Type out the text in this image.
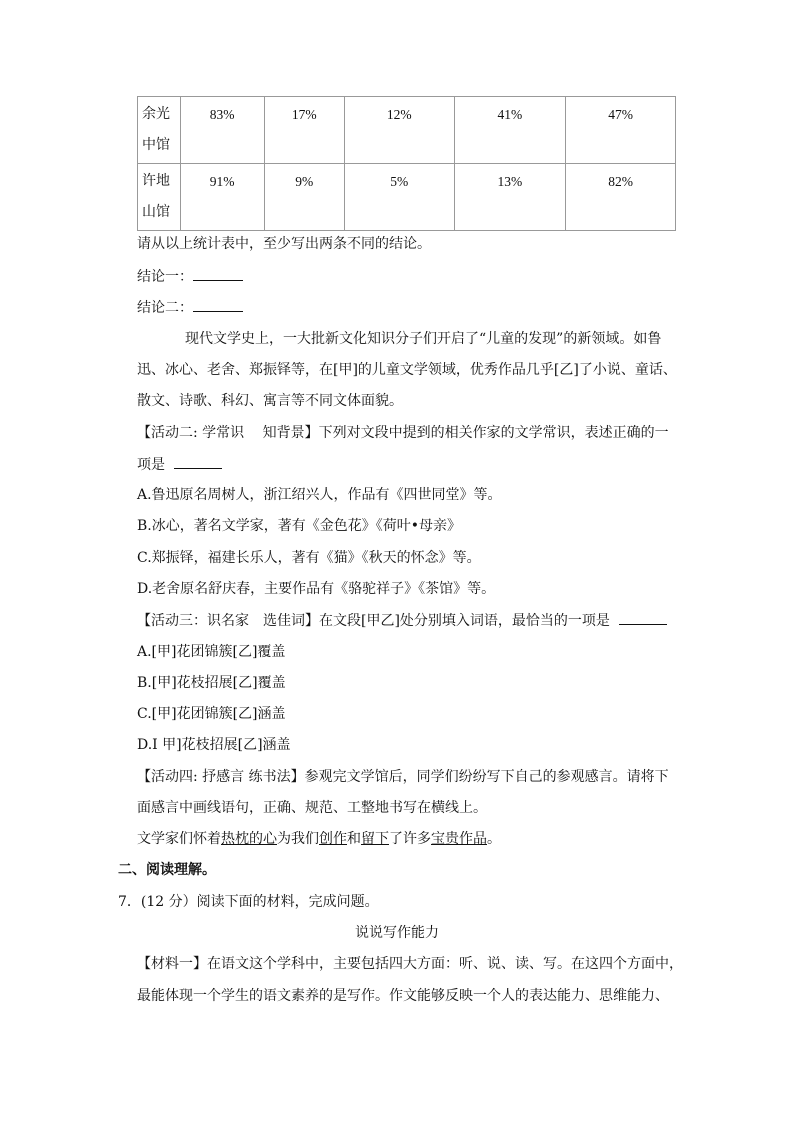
余光
中馆	83%	17%	12%	41%	47%
许地
山馆	91%	9%	5%	13%	82%
请从以上统计表中，至少写出两条不同的结论。
结论一：
结论二：
现代文学史上，一大批新文化知识分子们开启了“儿童的发现”的新领域。如鲁
迅、冰心、老舍、郑振铎等，在[甲]的儿童文学领域，优秀作品几乎[乙]了小说、童话、
散文、诗歌、科幻、寓言等不同文体面貌。
【活动二: 学常识　 知背景】下列对文段中提到的相关作家的文学常识，表述正确的一
项是
A.鲁迅原名周树人，浙江绍兴人，作品有《四世同堂》等。
B.冰心，著名文学家，著有《金色花》《荷叶•母亲》
C.郑振铎，福建长乐人，著有《猫》《秋天的怀念》等。
D.老舍原名舒庆春，主要作品有《骆驼祥子》《茶馆》等。
【活动三：识名家　选佳词】在文段[甲乙]处分别填入词语，最恰当的一项是
A.[甲]花团锦簇[乙]覆盖
B.[甲]花枝招展[乙]覆盖
C.[甲]花团锦簇[乙]涵盖
D.I 甲]花枝招展[乙]涵盖
【活动四: 抒感言 练书法】参观完文学馆后，同学们纷纷写下自己的参观感言。请将下
面感言中画线语句，正确、规范、工整地书写在横线上。
文学家们怀着热枕的心为我们创作和留下了许多宝贵作品。
二、阅读理解。
7．(12 分）阅读下面的材料，完成问题。
说说写作能力
【材料一】在语文这个学科中，主要包括四大方面：听、说、读、写。在这四个方面中，
最能体现一个学生的语文素养的是写作。作文能够反映一个人的表达能力、思维能力、
